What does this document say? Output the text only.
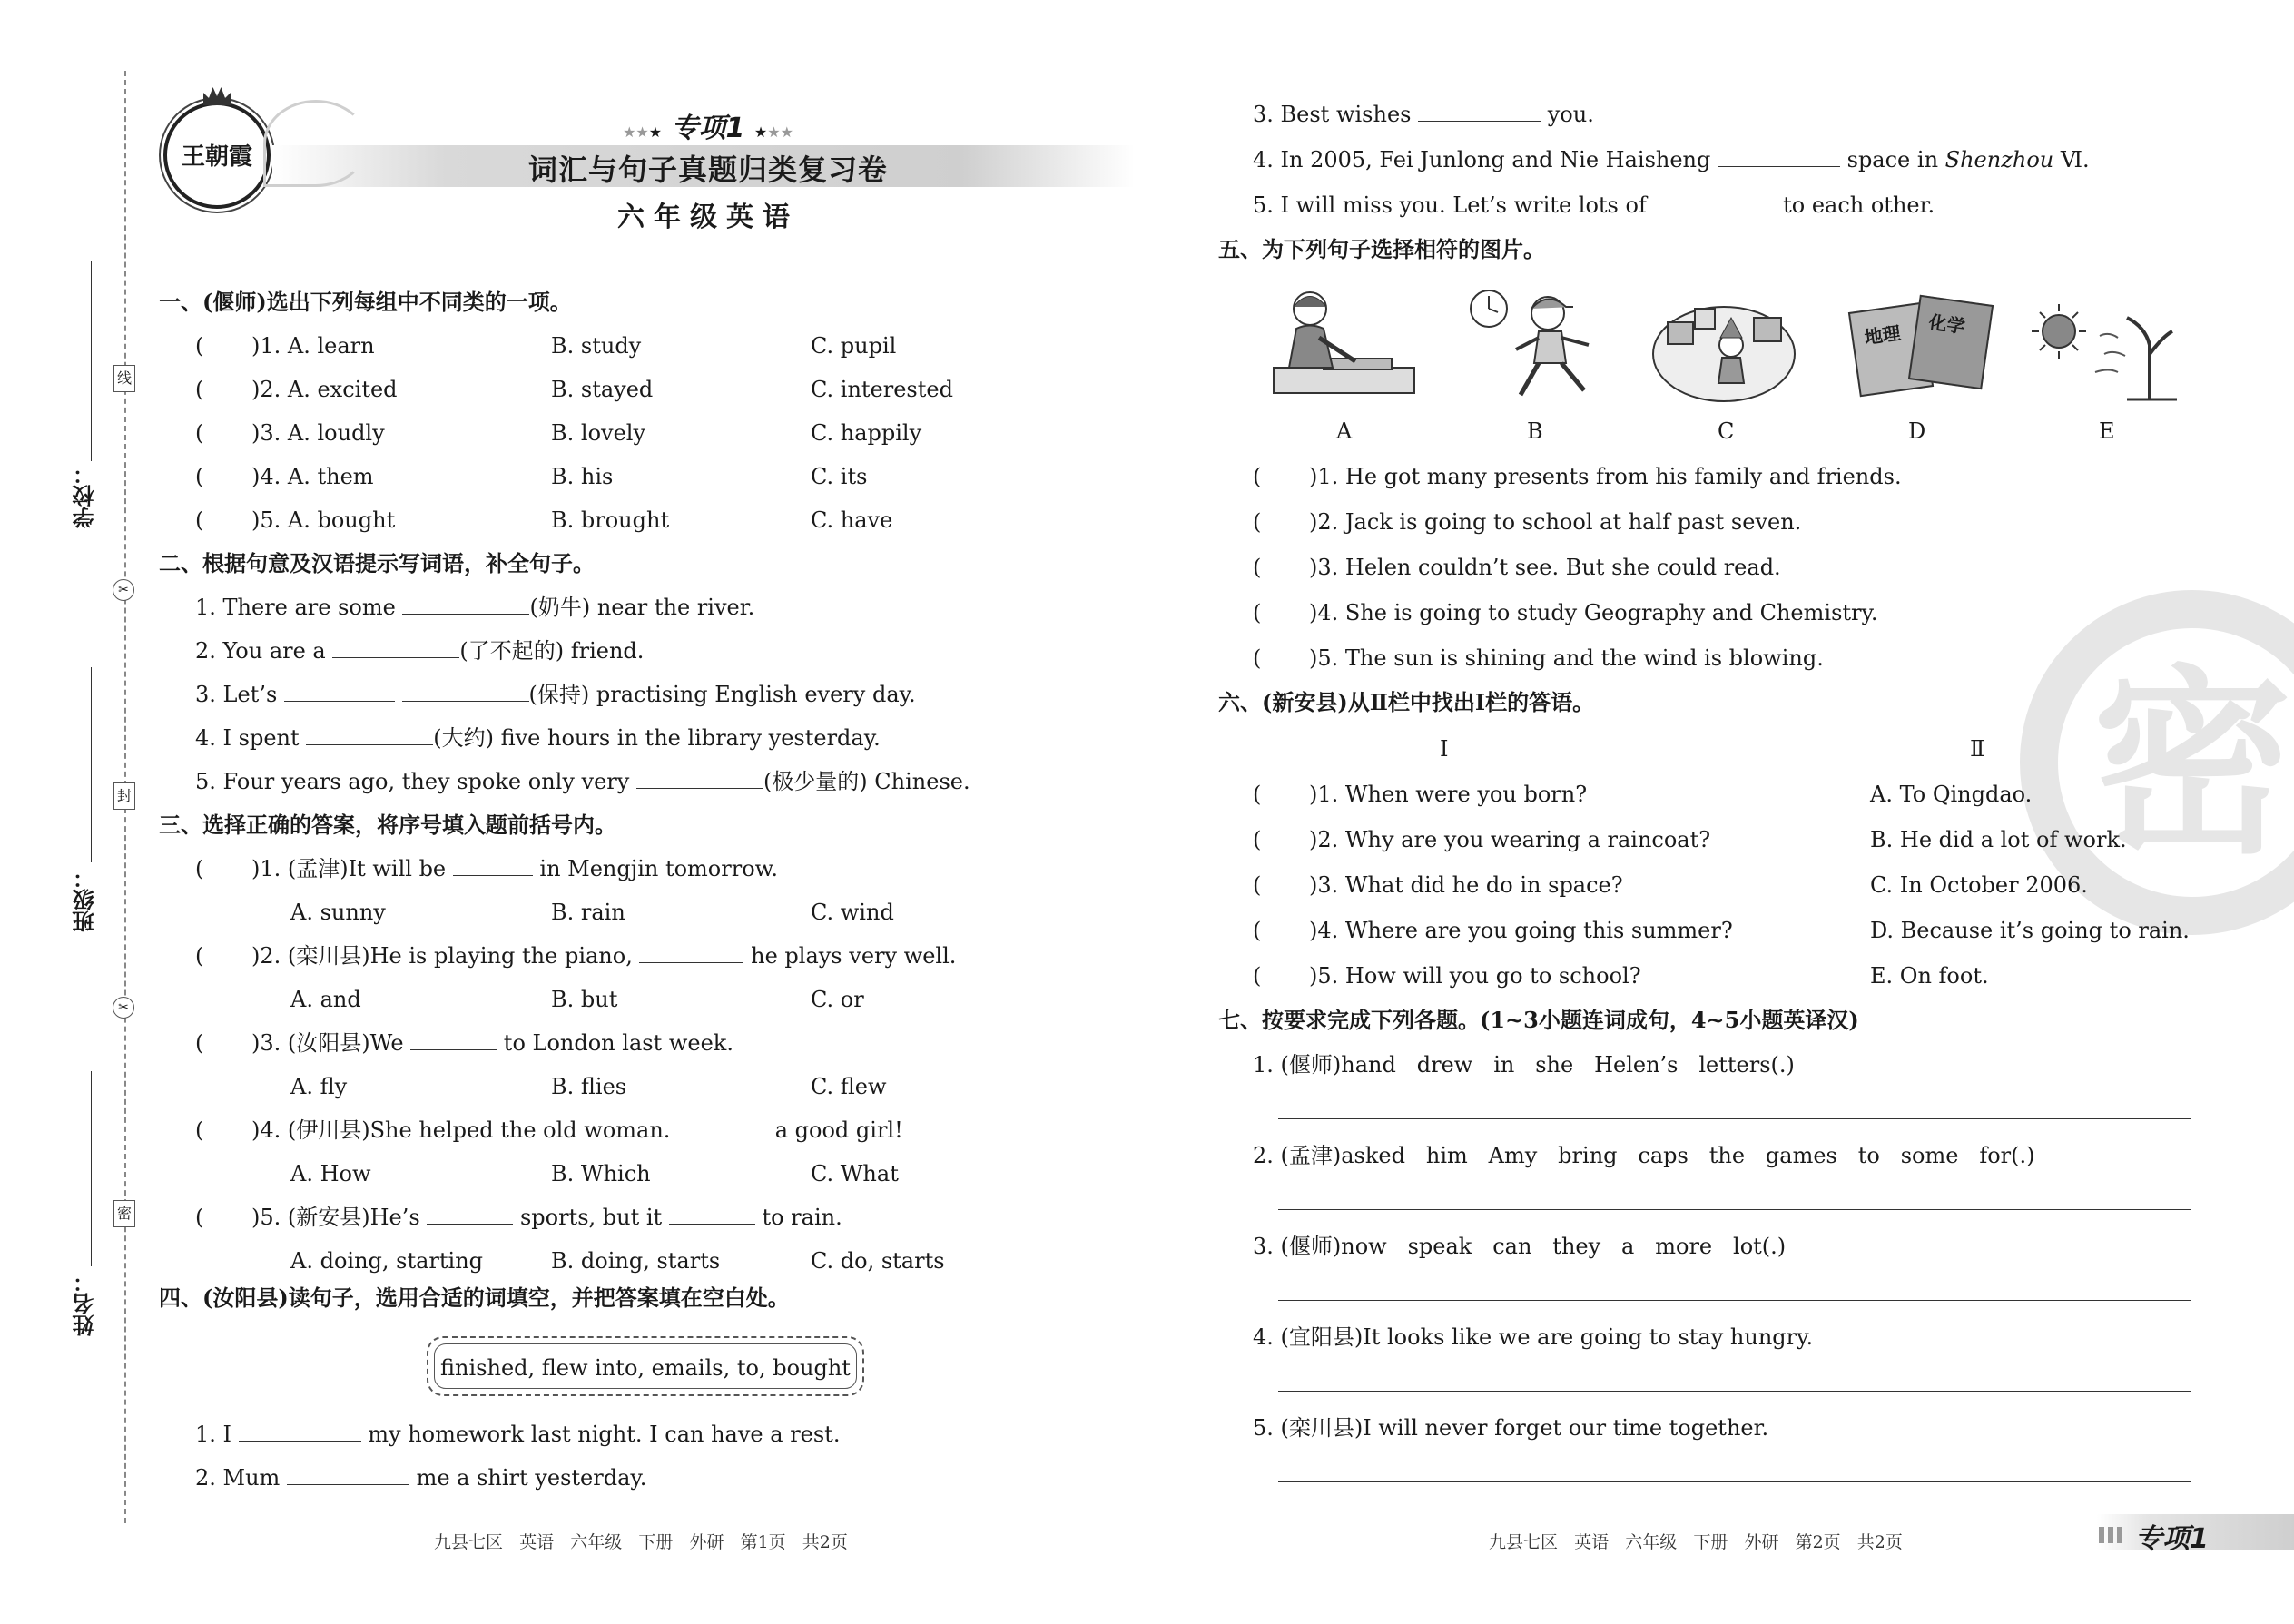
学校：
班级：
姓名：
线
封
密
✂
✂
王朝霞
★★★ 专项1 ★★★
词汇与句子真题归类复习卷
六年级英语
一、(偃师)选出下列每组中不同类的一项。
( )1. A. learn	B. study	C. pupil
( )2. A. excited	B. stayed	C. interested
( )3. A. loudly	B. lovely	C. happily
( )4. A. them	B. his	C. its
( )5. A. bought	B. brought	C. have
二、根据句意及汉语提示写词语，补全句子。
1. There are some	(奶牛) near the river.
2. You are a	(了不起的) friend.
3. Let’s	(保持) practising English every day.
4. I spent	(大约) five hours in the library yesterday.
5. Four years ago, they spoke only very	(极少量的) Chinese.
三、选择正确的答案，将序号填入题前括号内。
( )1. (孟津)It will be	in Mengjin tomorrow.
A. sunny	B. rain	C. wind
( )2. (栾川县)He is playing the piano,	he plays very well.
A. and	B. but	C. or
( )3. (汝阳县)We	to London last week.
A. fly	B. flies	C. flew
( )4. (伊川县)She helped the old woman.	a good girl!
A. How	B. Which	C. What
( )5. (新安县)He’s	sports, but it	to rain.
A. doing, starting	B. doing, starts	C. do, starts
四、(汝阳县)读句子，选用合适的词填空，并把答案填在空白处。
finished, flew into, emails, to, bought
1. I	my homework last night. I can have a rest.
2. Mum	me a shirt yesterday.
九县七区   英语   六年级   下册   外研   第1页   共2页
3. Best wishes	you.
4. In 2005, Fei Junlong and Nie Haisheng	space in Shenzhou Ⅵ.
5. I will miss you. Let’s write lots of	to each other.
五、为下列句子选择相符的图片。
地理 化学
A	B	C	D	E
( )1. He got many presents from his family and friends.
( )2. Jack is going to school at half past seven.
( )3. Helen couldn’t see. But she could read.
( )4. She is going to study Geography and Chemistry.
( )5. The sun is shining and the wind is blowing. 密
六、(新安县)从Ⅱ栏中找出Ⅰ栏的答语。
Ⅰ	Ⅱ
( )1. When were you born?	A. To Qingdao.
( )2. Why are you wearing a raincoat?	B. He did a lot of work.
( )3. What did he do in space?	C. In October 2006.
( )4. Where are you going this summer?	D. Because it’s going to rain.
( )5. How will you go to school?	E. On foot.
七、按要求完成下列各题。(1~3小题连词成句，4~5小题英译汉)
1. (偃师)hand   drew   in   she   Helen’s   letters(.)
2. (孟津)asked   him   Amy   bring   caps   the   games   to   some   for(.)
3. (偃师)now   speak   can   they   a   more   lot(.)
4. (宜阳县)It looks like we are going to stay hungry.
5. (栾川县)I will never forget our time together.
九县七区   英语   六年级   下册   外研   第2页   共2页	专项1
